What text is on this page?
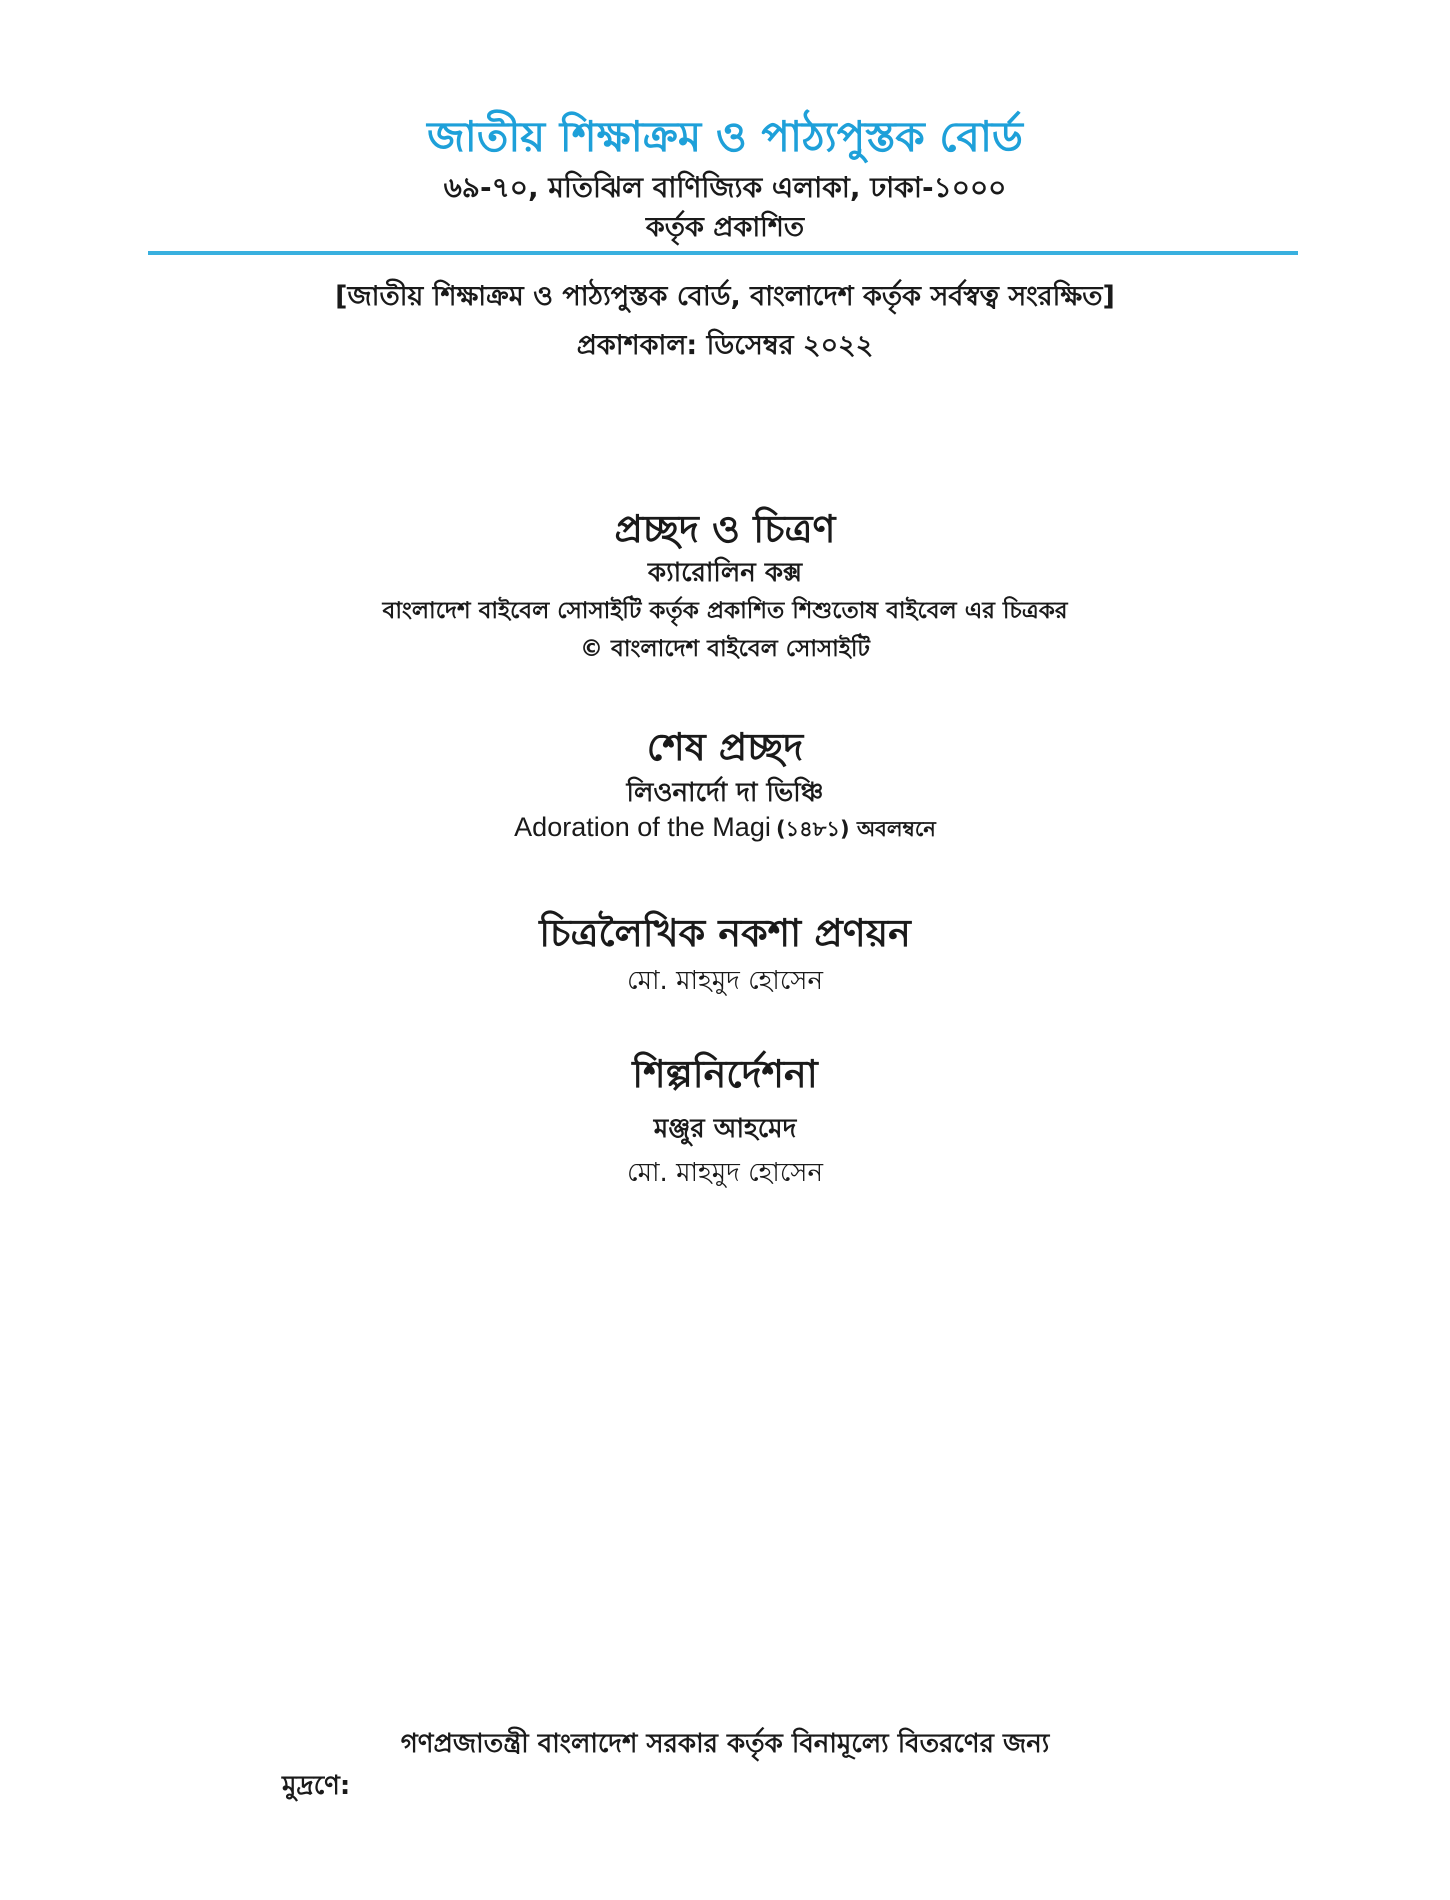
জাতীয় শিক্ষাক্রম ও পাঠ্যপুস্তক বোর্ড
৬৯-৭০, মতিঝিল বাণিজ্যিক এলাকা, ঢাকা-১০০০
কর্তৃক প্রকাশিত
[জাতীয় শিক্ষাক্রম ও পাঠ্যপুস্তক বোর্ড, বাংলাদেশ কর্তৃক সর্বস্বত্ব সংরক্ষিত]
প্রকাশকাল: ডিসেম্বর ২০২২
প্রচ্ছদ ও চিত্রণ
ক্যারোলিন কক্স
বাংলাদেশ বাইবেল সোসাইটি কর্তৃক প্রকাশিত শিশুতোষ বাইবেল এর চিত্রকর
© বাংলাদেশ বাইবেল সোসাইটি
শেষ প্রচ্ছদ
লিওনার্দো দা ভিঞ্চি
Adoration of the Magi (১৪৮১) অবলম্বনে
চিত্রলৈখিক নকশা প্রণয়ন
মো. মাহমুদ হোসেন
শিল্পনির্দেশনা
মঞ্জুর আহমেদ
মো. মাহমুদ হোসেন
গণপ্রজাতন্ত্রী বাংলাদেশ সরকার কর্তৃক বিনামূল্যে বিতরণের জন্য
মুদ্রণে:
